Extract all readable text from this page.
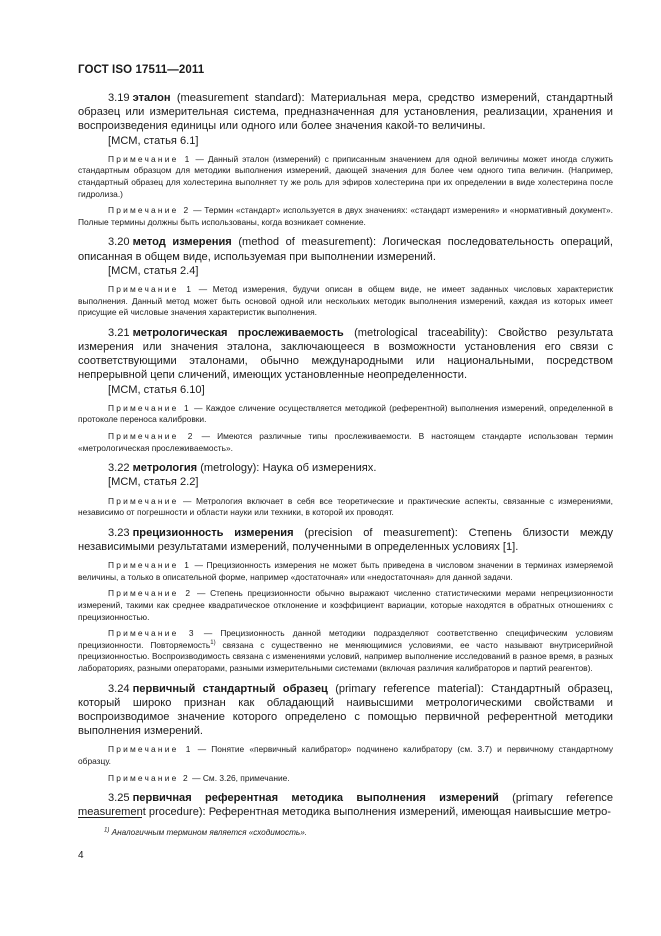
ГОСТ ISO 17511—2011

3.19 эталон (measurement standard): Материальная мера, средство измерений, стандартный образец или измерительная система, предназначенная для установления, реализации, хранения и воспроизведения единицы или одного или более значения какой-то величины.

[МСМ, статья 6.1]

Примечание 1 — Данный эталон (измерений) с приписанным значением для одной величины может иногда служить стандартным образцом для методики выполнения измерений, дающей значения для более чем одного типа величин. (Например, стандартный образец для холестерина выполняет ту же роль для эфиров холестерина при их определении в виде холестерина после гидролиза.)

Примечание 2 — Термин «стандарт» используется в двух значениях: «стандарт измерения» и «нормативный документ». Полные термины должны быть использованы, когда возникает сомнение.

3.20 метод измерения (method of measurement): Логическая последовательность операций, описанная в общем виде, используемая при выполнении измерений.

[МСМ, статья 2.4]

Примечание 1 — Метод измерения, будучи описан в общем виде, не имеет заданных числовых характеристик выполнения. Данный метод может быть основой одной или нескольких методик выполнения измерений, каждая из которых имеет присущие ей числовые значения характеристик выполнения.

3.21 метрологическая прослеживаемость (metrological traceability): Свойство результата измерения или значения эталона, заключающееся в возможности установления его связи с соответствующими эталонами, обычно международными или национальными, посредством непрерывной цепи сличений, имеющих установленные неопределенности.

[МСМ, статья 6.10]

Примечание 1 — Каждое сличение осуществляется методикой (референтной) выполнения измерений, определенной в протоколе переноса калибровки.

Примечание 2 — Имеются различные типы прослеживаемости. В настоящем стандарте использован термин «метрологическая прослеживаемость».

3.22 метрология (metrology): Наука об измерениях.

[МСМ, статья 2.2]

Примечание — Метрология включает в себя все теоретические и практические аспекты, связанные с измерениями, независимо от погрешности и области науки или техники, в которой их проводят.

3.23 прецизионность измерения (precision of measurement): Степень близости между независимыми результатами измерений, полученными в определенных условиях [1].

Примечание 1 — Прецизионность измерения не может быть приведена в числовом значении в терминах измеряемой величины, а только в описательной форме, например «достаточная» или «недостаточная» для данной задачи.

Примечание 2 — Степень прецизионности обычно выражают численно статистическими мерами непрецизионности измерений, такими как среднее квадратическое отклонение и коэффициент вариации, которые находятся в обратных отношениях с прецизионностью.

Примечание 3 — Прецизионность данной методики подразделяют соответственно специфическим условиям прецизионности. Повторяемость$^{1)}$ связана с существенно не меняющимися условиями, ее часто называют внутрисерийной прецизионностью. Воспроизводимость связана с изменениями условий, например выполнение исследований в разное время, в разных лабораториях, разными операторами, разными измерительными системами (включая различия калибраторов и партий реагентов).

3.24 первичный стандартный образец (primary reference material): Стандартный образец, который широко признан как обладающий наивысшими метрологическими свойствами и воспроизводимое значение которого определено с помощью первичной референтной методики выполнения измерений.

Примечание 1 — Понятие «первичный калибратор» подчинено калибратору (см. 3.7) и первичному стандартному образцу.

Примечание 2 — См. 3.26, примечание.

3.25 первичная референтная методика выполнения измерений (primary reference measurement procedure): Референтная методика выполнения измерений, имеющая наивысшие метро-

$^{1)}$ Аналогичным термином является «сходимость».
4
